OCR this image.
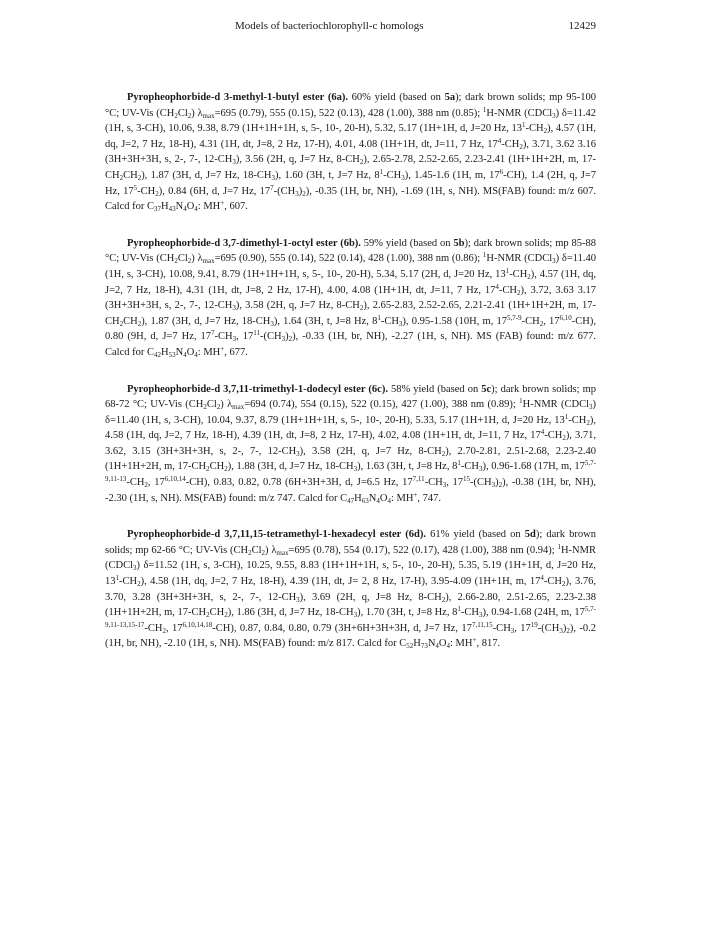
Models of bacteriochlorophyll-c homologs	12429

Pyropheophorbide-d 3-methyl-1-butyl ester (6a). 60% yield (based on 5a); dark brown solids; mp 95-100 °C; UV-Vis $(CH_2Cl_2)$ $\lambda_{max}=695$ (0.79), 555 (0.15), 522 (0.13), 428 (1.00), 388 nm (0.85); $^1$H-NMR (CDCl$_3$) δ=11.42 (1H, s, 3-CH), 10.06, 9.38, 8.79 (1H+1H+1H, s, 5-, 10-, 20-H), 5.32, 5.17 (1H+1H, d, J=20 Hz, $13^1-CH_2$), 4.57 (1H, dq, J=2, 7 Hz, 18-H), 4.31 (1H, dt, J=8, 2 Hz, 17-H), 4.01, 4.08 (1H+1H, dt, J=11, 7 Hz, $17^4-CH_2$), 3.71, 3.62 3.16 (3H+3H+3H, s, 2-, 7-, $12-CH_3$), 3.56 (2H, q, J=7 Hz, $8-CH_2$), 2.65-2.78, 2.52-2.65, 2.23-2.41 (1H+1H+2H, m, $17-CH_2CH_2$), 1.87 (3H, d, J=7 Hz, $18-CH_3$), 1.60 (3H, t, J=7 Hz, $8^1-CH_3$), 1.45-1.6 (1H, m, $17^6-CH$), 1.4 (2H, q, J=7 Hz, $17^5-CH_2$), 0.84 (6H, d, J=7 Hz, $17^7-(CH_3)_2$), -0.35 (1H, br, NH), -1.69 (1H, s, NH). MS(FAB) found: m/z 607. Calcd for $C_{37}H_{43}N_4O_4$: MH+, 607.

Pyropheophorbide-d 3,7-dimethyl-1-octyl ester (6b). 59% yield (based on 5b); dark brown solids; mp 85-88 °C; UV-Vis $(CH_2Cl_2)$ $\lambda_{max}=695$ (0.90), 555 (0.14), 522 (0.14), 428 (1.00), 388 nm (0.86); $^1$H-NMR (CDCl$_3$) δ=11.40 (1H, s, 3-CH), 10.08, 9.41, 8.79 (1H+1H+1H, s, 5-, 10-, 20-H), 5.34, 5.17 (2H, d, J=20 Hz, $13^1-CH_2$), 4.57 (1H, dq, J=2, 7 Hz, 18-H), 4.31 (1H, dt, J=8, 2 Hz, 17-H), 4.00, 4.08 (1H+1H, dt, J=11, 7 Hz, $17^4-CH_2$), 3.72, 3.63 3.17 (3H+3H+3H, s, 2-, 7-, $12-CH_3$), 3.58 (2H, q, J=7 Hz, $8-CH_2$), 2.65-2.83, 2.52-2.65, 2.21-2.41 (1H+1H+2H, m, $17-CH_2CH_2$), 1.87 (3H, d, J=7 Hz, $18-CH_3$), 1.64 (3H, t, J=8 Hz, $8^1-CH_3$), 0.95-1.58 (10H, m, $17^{5,7-9}-CH_2$, 17$^{6,10}$-CH), 0.80 (9H, d, J=7 Hz, $17^7-CH_3$, $17^{11}-(CH_3)_2$), -0.33 (1H, br, NH), -2.27 (1H, s, NH). MS (FAB) found: m/z 677. Calcd for $C_{42}H_{53}N_4O_4$: MH+, 677.

Pyropheophorbide-d 3,7,11-trimethyl-1-dodecyl ester (6c). 58% yield (based on 5c); dark brown solids; mp 68-72 °C; UV-Vis $(CH_2Cl_2)$ $\lambda_{max}=694$ (0.74), 554 (0.15), 522 (0.15), 427 (1.00), 388 nm (0.89); $^1$H-NMR (CDCl$_3$) δ=11.40 (1H, s, 3-CH), 10.04, 9.37, 8.79 (1H+1H+1H, s, 5-, 10-, 20-H), 5.33, 5.17 (1H+1H, d, J=20 Hz, $13^1-CH_2$), 4.58 (1H, dq, J=2, 7 Hz, 18-H), 4.39 (1H, dt, J=8, 2 Hz, 17-H), 4.02, 4.08 (1H+1H, dt, J=11, 7 Hz, $17^4-CH_2$), 3.71, 3.62, 3.15 (3H+3H+3H, s, 2-, 7-, $12-CH_3$), 3.58 (2H, q, J=7 Hz, $8-CH_2$), 2.70-2.81, 2.51-2.68, 2.23-2.40 (1H+1H+2H, m, $17-CH_2CH_2$), 1.88 (3H, d, J=7 Hz, $18-CH_3$), 1.63 (3H, t, J=8 Hz, $8^1-CH_3$), 0.96-1.68 (17H, m, $17^{5,7-9,11-13}-CH_2$, 17$^{6,10,14}$-CH), 0.83, 0.82, 0.78 (6H+3H+3H, d, J=6.5 Hz, $17^{7,11}-CH_3$, $17^{15}-(CH_3)_2$), -0.38 (1H, br, NH), -2.30 (1H, s, NH). MS(FAB) found: m/z 747. Calcd for $C_{47}H_{63}N_4O_4$: MH+, 747.

Pyropheophorbide-d 3,7,11,15-tetramethyl-1-hexadecyl ester (6d). 61% yield (based on 5d); dark brown solids; mp 62-66 °C; UV-Vis $(CH_2Cl_2)$ $\lambda_{max}=695$ (0.78), 554 (0.17), 522 (0.17), 428 (1.00), 388 nm (0.94); $^1$H-NMR (CDCl$_3$) δ=11.52 (1H, s, 3-CH), 10.25, 9.55, 8.83 (1H+1H+1H, s, 5-, 10-, 20-H), 5.35, 5.19 (1H+1H, d, J=20 Hz, $13^1-CH_2$), 4.58 (1H, dq, J=2, 7 Hz, 18-H), 4.39 (1H, dt, J= 2, 8 Hz, 17-H), 3.95-4.09 (1H+1H, m, $17^4-CH_2$), 3.76, 3.70, 3.28 (3H+3H+3H, s, 2-, 7-, $12-CH_3$), 3.69 (2H, q, J=8 Hz, $8-CH_2$), 2.66-2.80, 2.51-2.65, 2.23-2.38 (1H+1H+2H, m, $17-CH_2CH_2$), 1.86 (3H, d, J=7 Hz, $18-CH_3$), 1.70 (3H, t, J=8 Hz, $8^1-CH_3$), 0.94-1.68 (24H, m, $17^{5,7-9,11-13,15-17}-CH_2$, 17$^{6,10,14,18}$-CH), 0.87, 0.84, 0.80, 0.79 (3H+6H+3H+3H, d, J=7 Hz, $17^{7,11,15}-CH_3$, $17^{19}-(CH_3)_2$), -0.2 (1H, br, NH), -2.10 (1H, s, NH). MS(FAB) found: m/z 817. Calcd for $C_{52}H_{73}N_4O_4$: MH+, 817.
